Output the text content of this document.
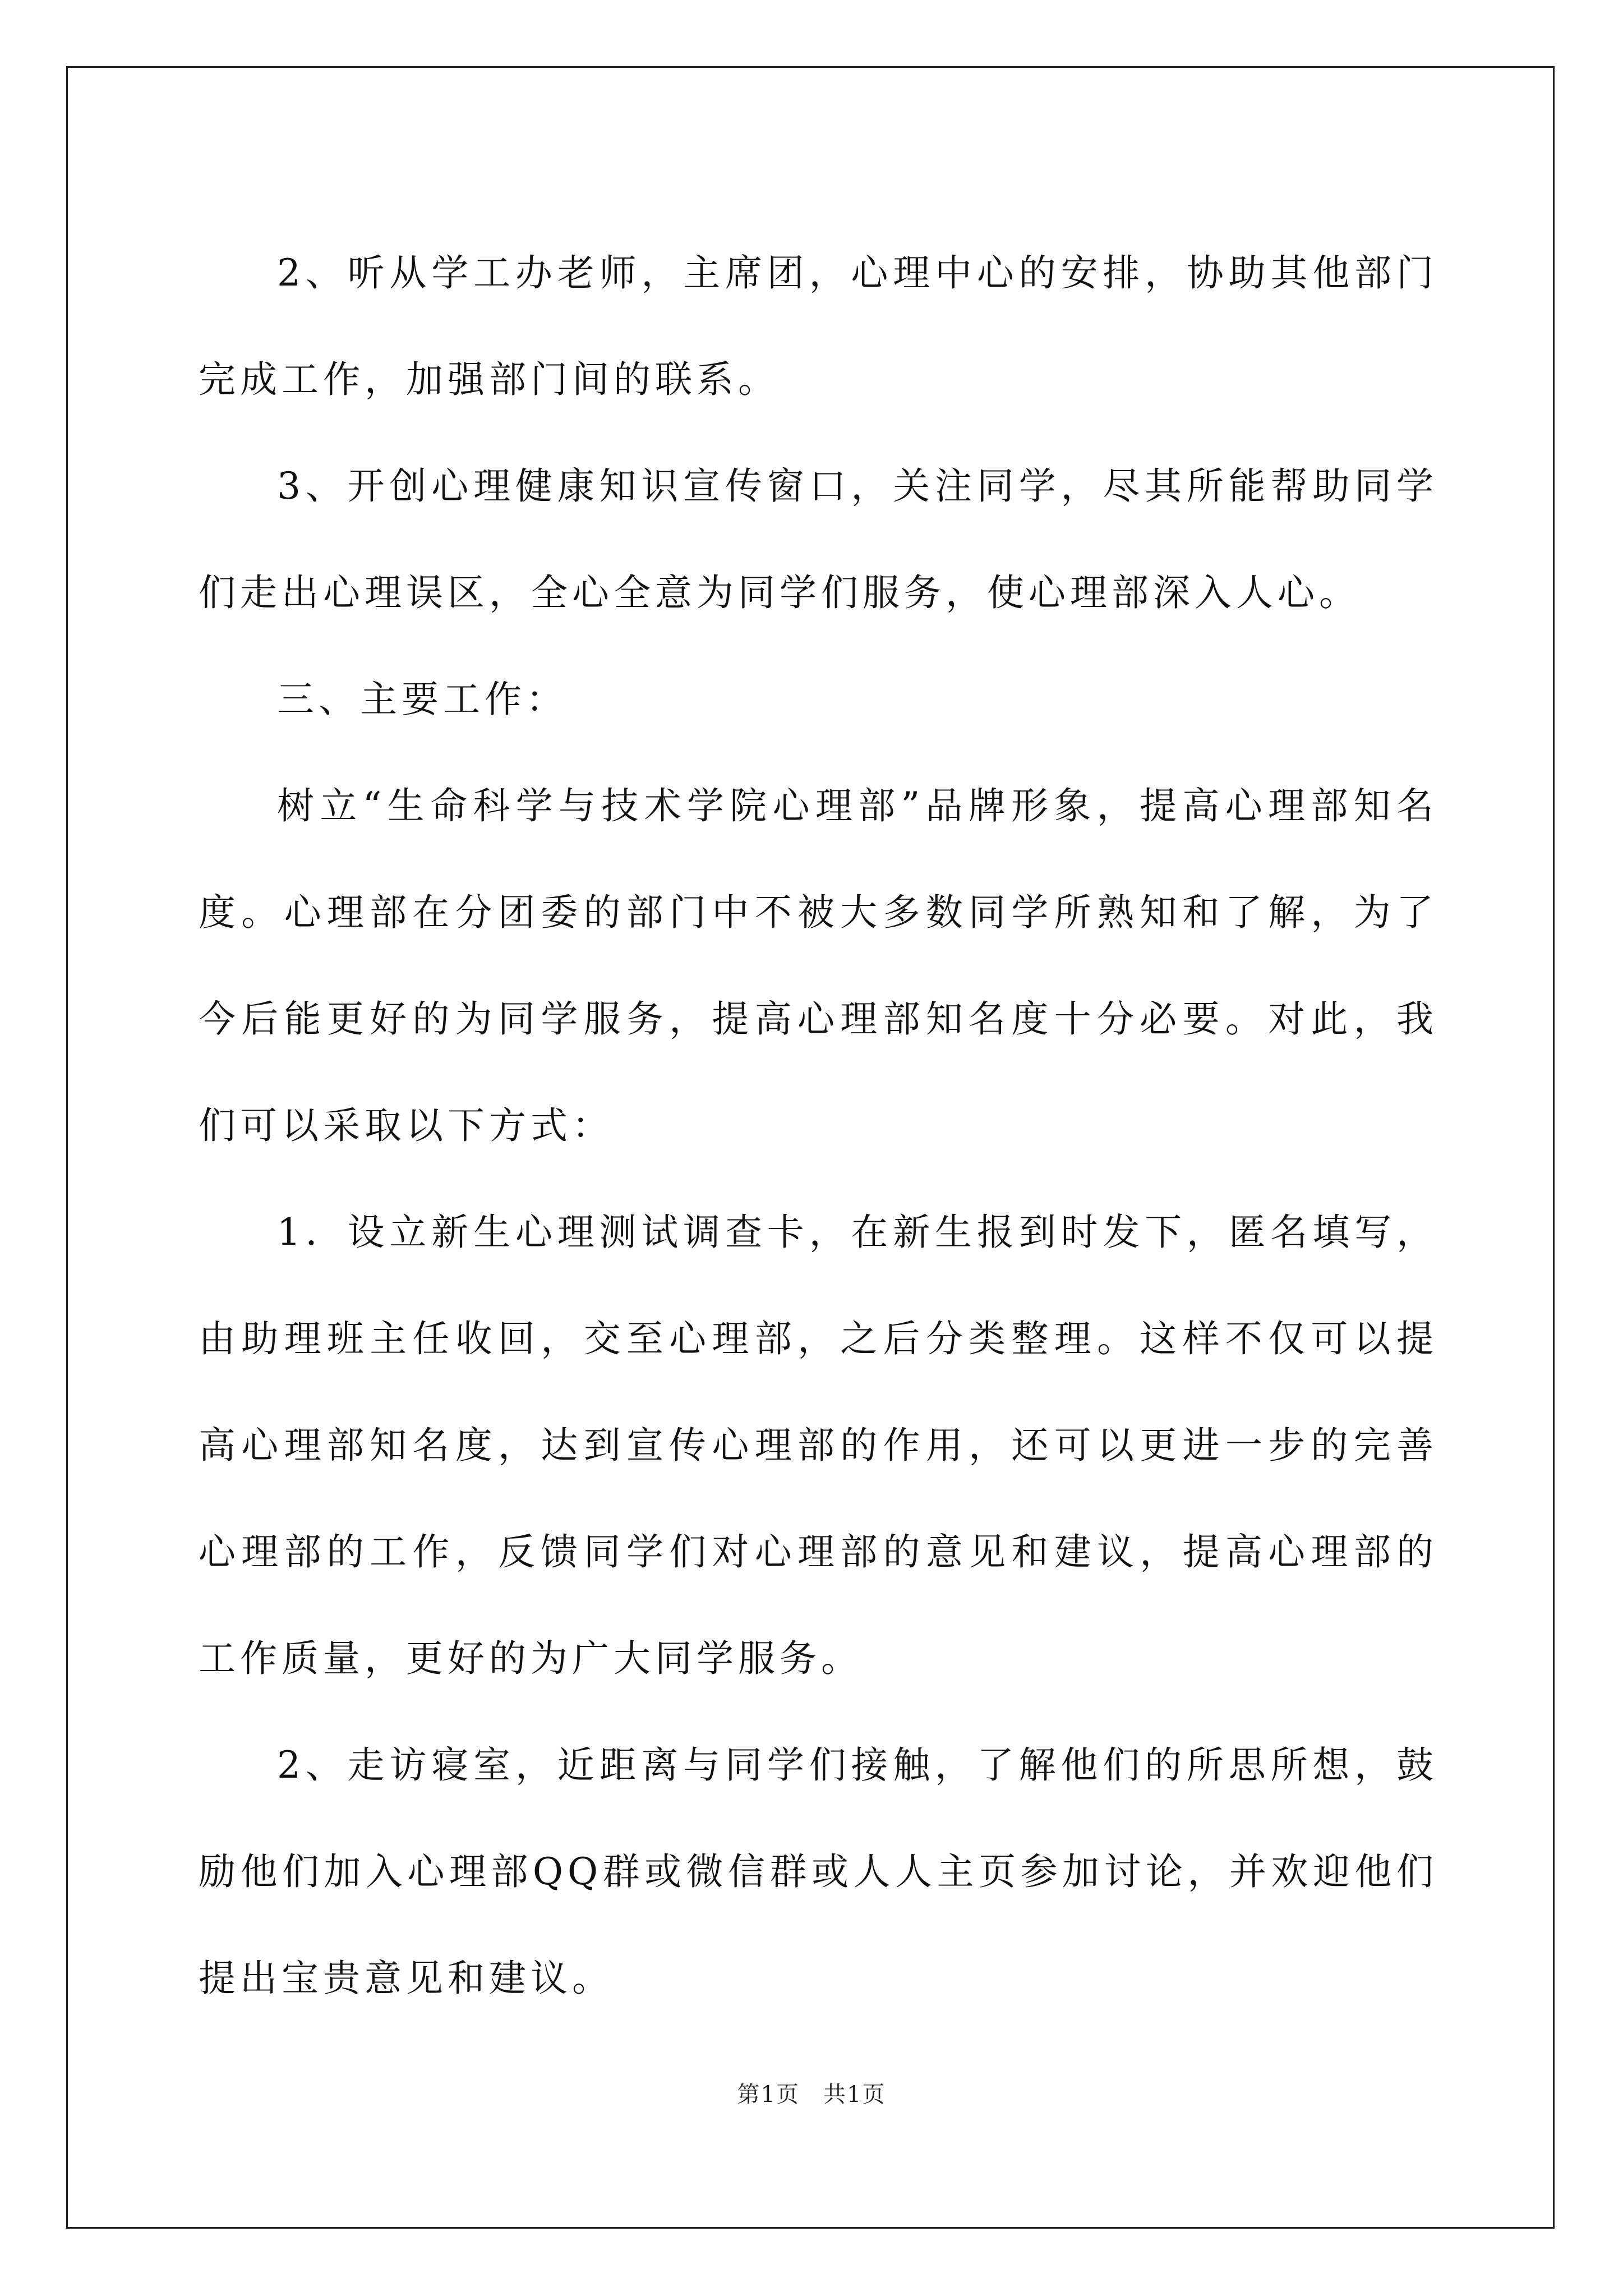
2、听从学工办老师，主席团，心理中心的安排，协助其他部门完成工作，加强部门间的联系。

3、开创心理健康知识宣传窗口，关注同学，尽其所能帮助同学们走出心理误区，全心全意为同学们服务，使心理部深入人心。

三、主要工作：

树立“生命科学与技术学院心理部”品牌形象，提高心理部知名度。心理部在分团委的部门中不被大多数同学所熟知和了解，为了今后能更好的为同学服务，提高心理部知名度十分必要。对此，我们可以采取以下方式：

1．设立新生心理测试调查卡，在新生报到时发下，匿名填写，由助理班主任收回，交至心理部，之后分类整理。这样不仅可以提高心理部知名度，达到宣传心理部的作用，还可以更进一步的完善心理部的工作，反馈同学们对心理部的意见和建议，提高心理部的工作质量，更好的为广大同学服务。

2、走访寝室，近距离与同学们接触，了解他们的所思所想，鼓励他们加入心理部QQ群或微信群或人人主页参加讨论，并欢迎他们提出宝贵意见和建议。

第1页　共1页
